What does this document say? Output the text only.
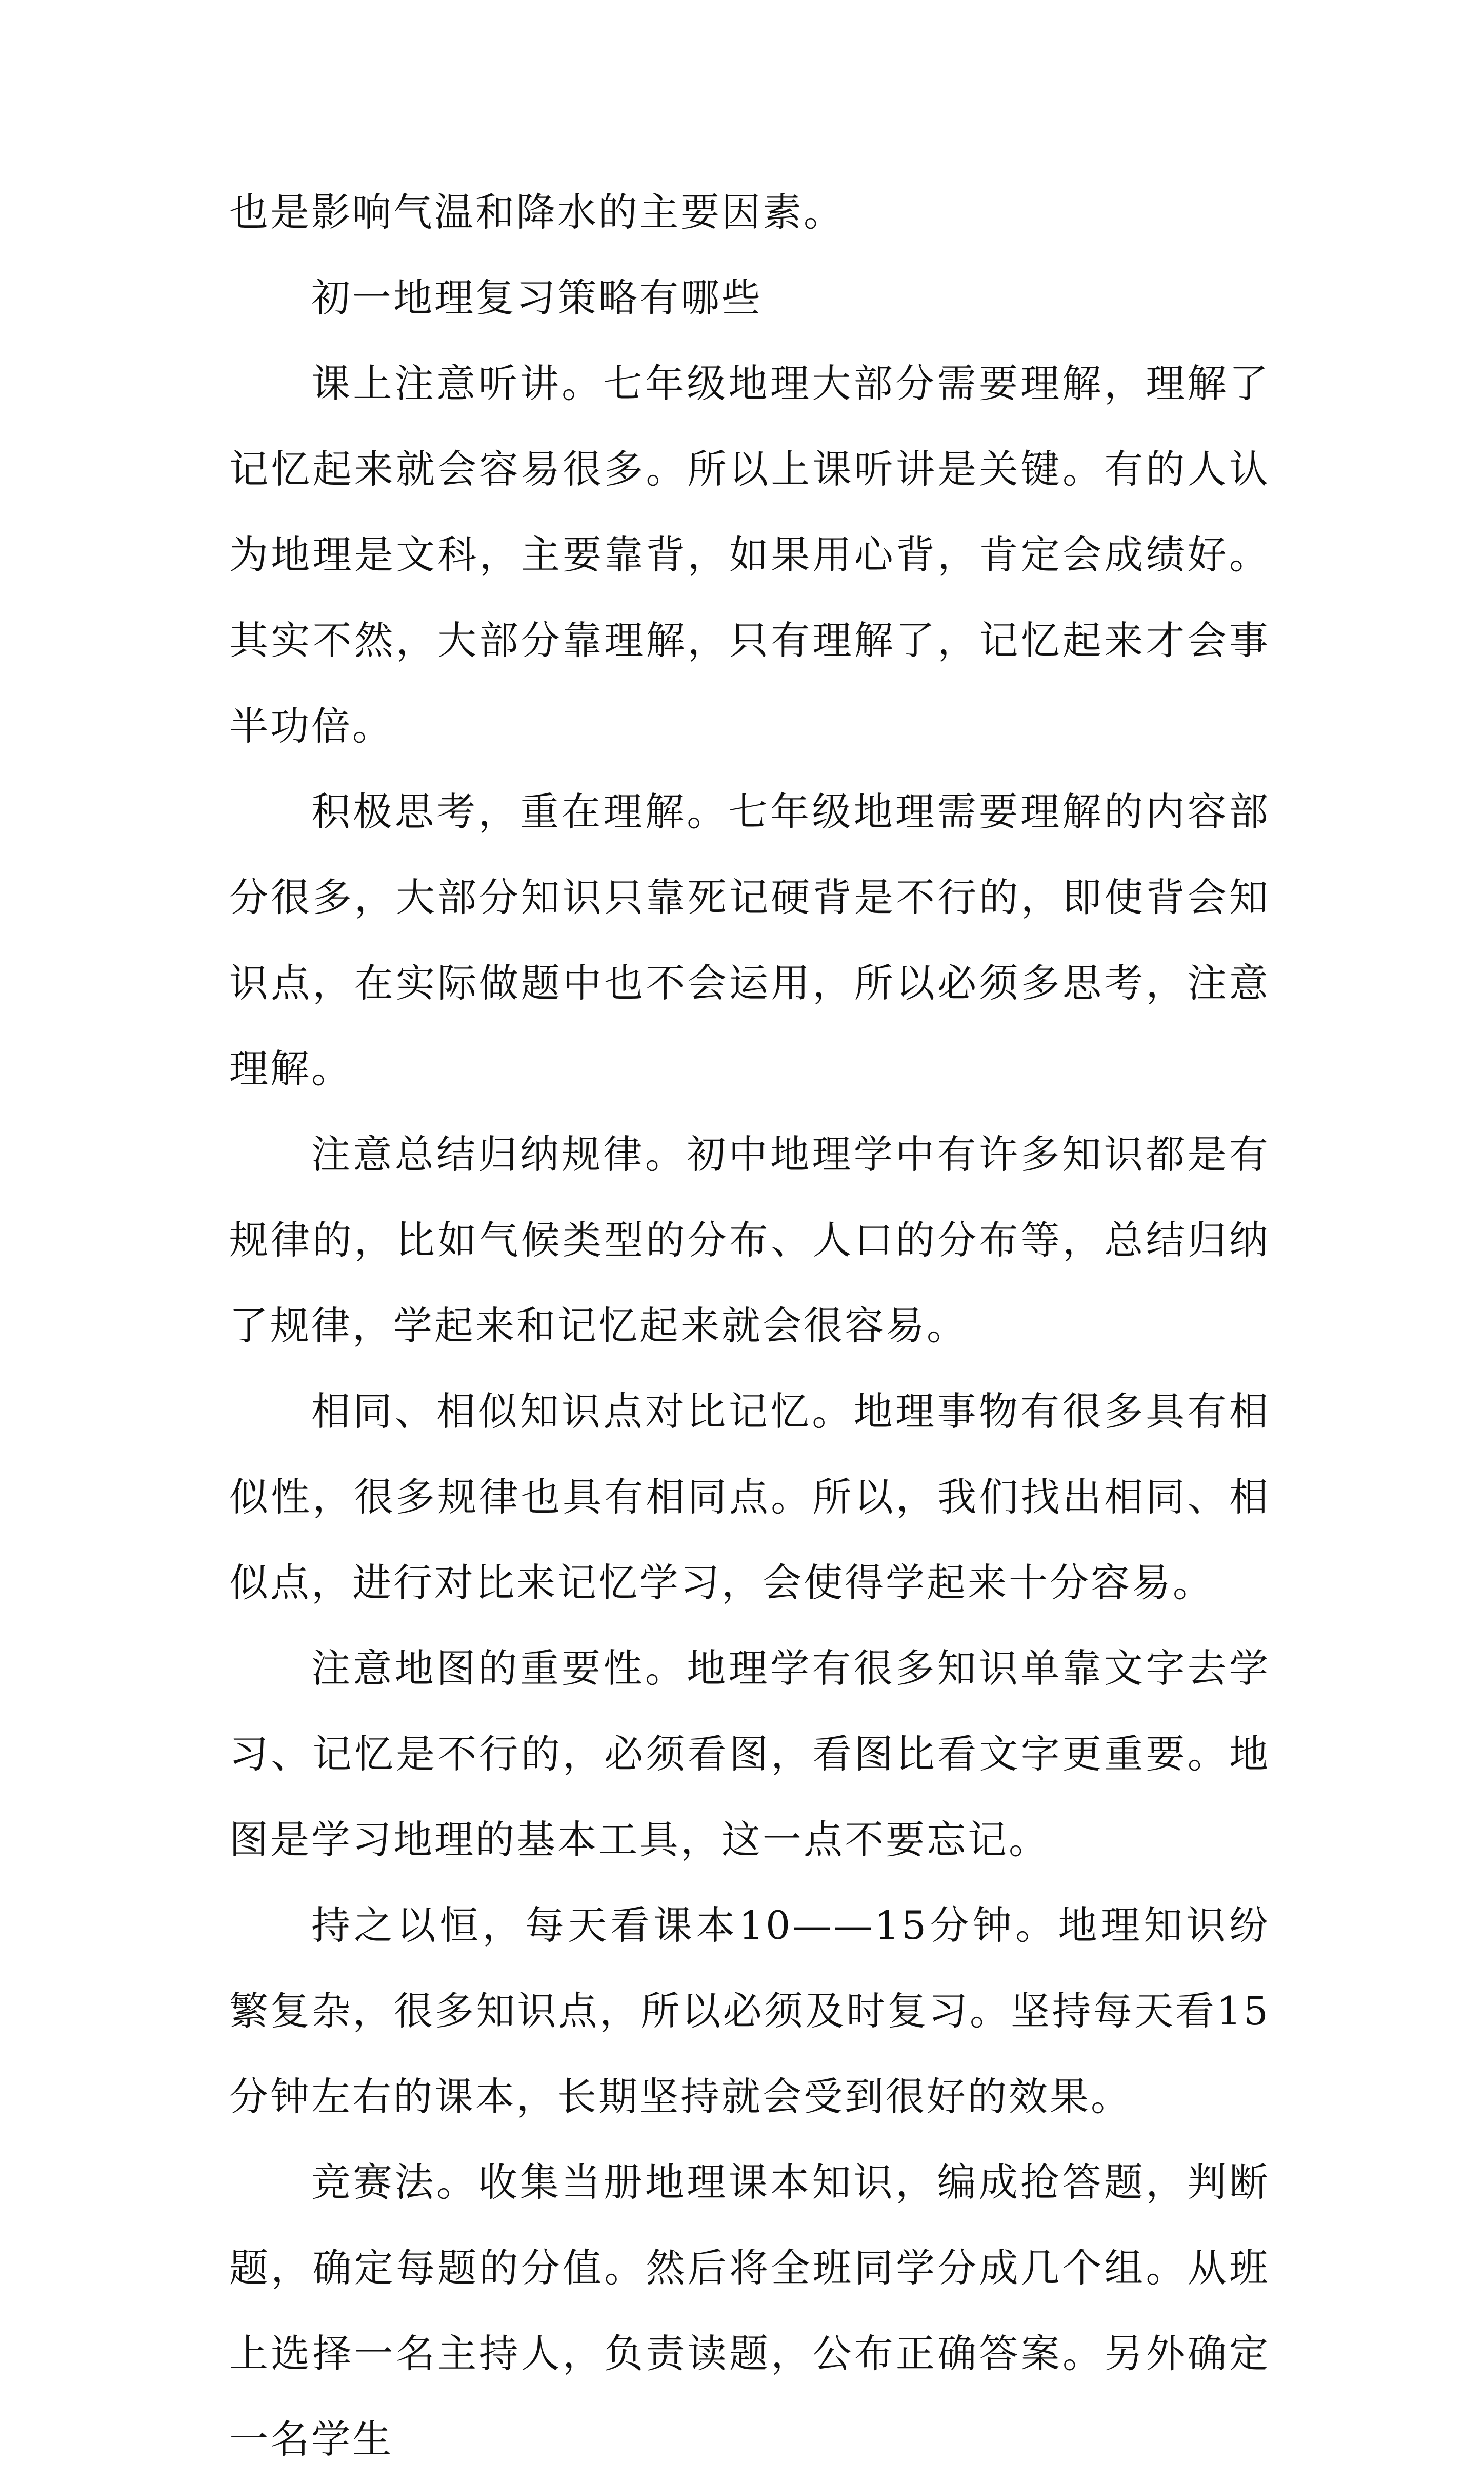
也是影响气温和降水的主要因素。

初一地理复习策略有哪些

课上注意听讲。七年级地理大部分需要理解，理解了记忆起来就会容易很多。所以上课听讲是关键。有的人认为地理是文科，主要靠背，如果用心背，肯定会成绩好。其实不然，大部分靠理解，只有理解了，记忆起来才会事半功倍。

积极思考，重在理解。七年级地理需要理解的内容部分很多，大部分知识只靠死记硬背是不行的，即使背会知识点，在实际做题中也不会运用，所以必须多思考，注意理解。

注意总结归纳规律。初中地理学中有许多知识都是有规律的，比如气候类型的分布、人口的分布等，总结归纳了规律，学起来和记忆起来就会很容易。

相同、相似知识点对比记忆。地理事物有很多具有相似性，很多规律也具有相同点。所以，我们找出相同、相似点，进行对比来记忆学习，会使得学起来十分容易。

注意地图的重要性。地理学有很多知识单靠文字去学习、记忆是不行的，必须看图，看图比看文字更重要。地图是学习地理的基本工具，这一点不要忘记。

持之以恒，每天看课本10——15分钟。地理知识纷繁复杂，很多知识点，所以必须及时复习。坚持每天看15分钟左右的课本，长期坚持就会受到很好的效果。

竞赛法。收集当册地理课本知识，编成抢答题，判断题，确定每题的分值。然后将全班同学分成几个组。从班上选择一名主持人，负责读题，公布正确答案。另外确定一名学生
